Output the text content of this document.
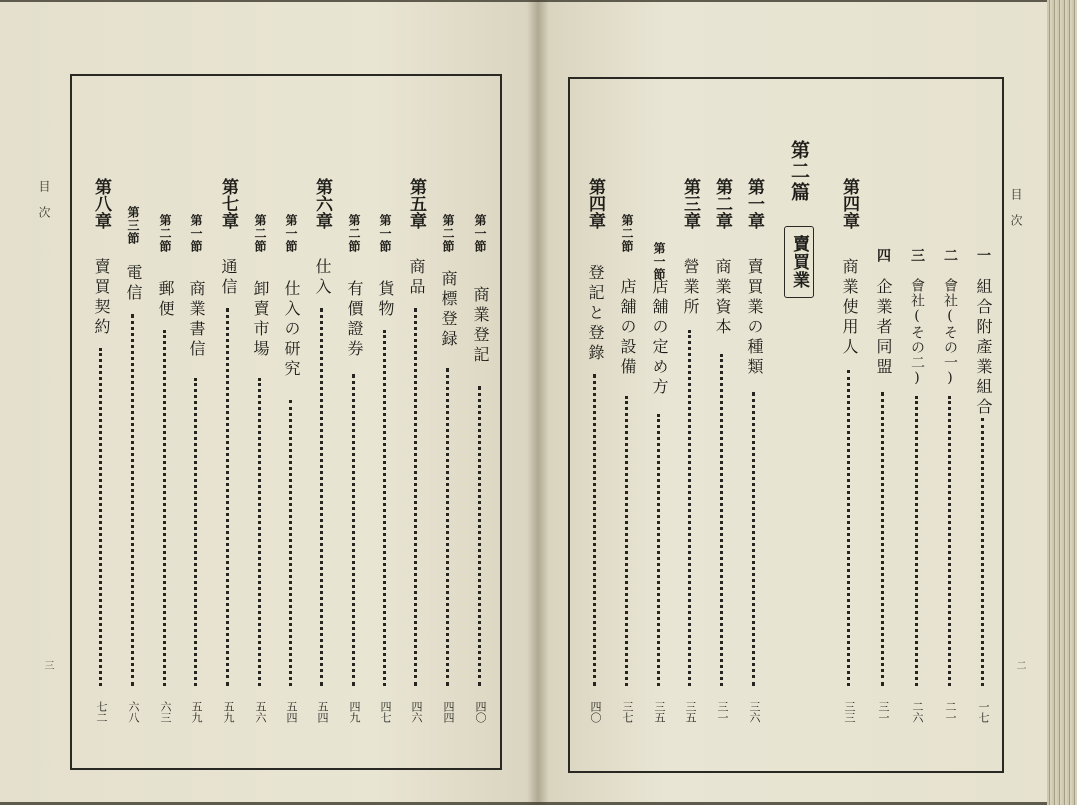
目次
三
目次
二
第一節
商業登記
四〇
第二節
商標登録
四四
第五章
商品
四六
第一節
貨物
四七
第二節
有價證券
四九
第六章
仕入
五四
第一節
仕入の研究
五四
第二節
卸賣市場
五六
第七章
通信
五九
第一節
商業書信
五九
第二節
郵便
六三
第三節
電信
六八
第八章
賣買契約
七二
一
組合附產業組合
一七
二
會社(その一)
二一
三
會社(その二)
二六
四
企業者同盟
三一
第四章
商業使用人
三三
第二篇
賣買業
第一章
賣買業の種類
三六
第二章
商業資本
三一
第三章
營業所
三五
第一節
店舖の定め方
三五
第二節
店舖の設備
三七
第四章
登記と登錄
四〇
